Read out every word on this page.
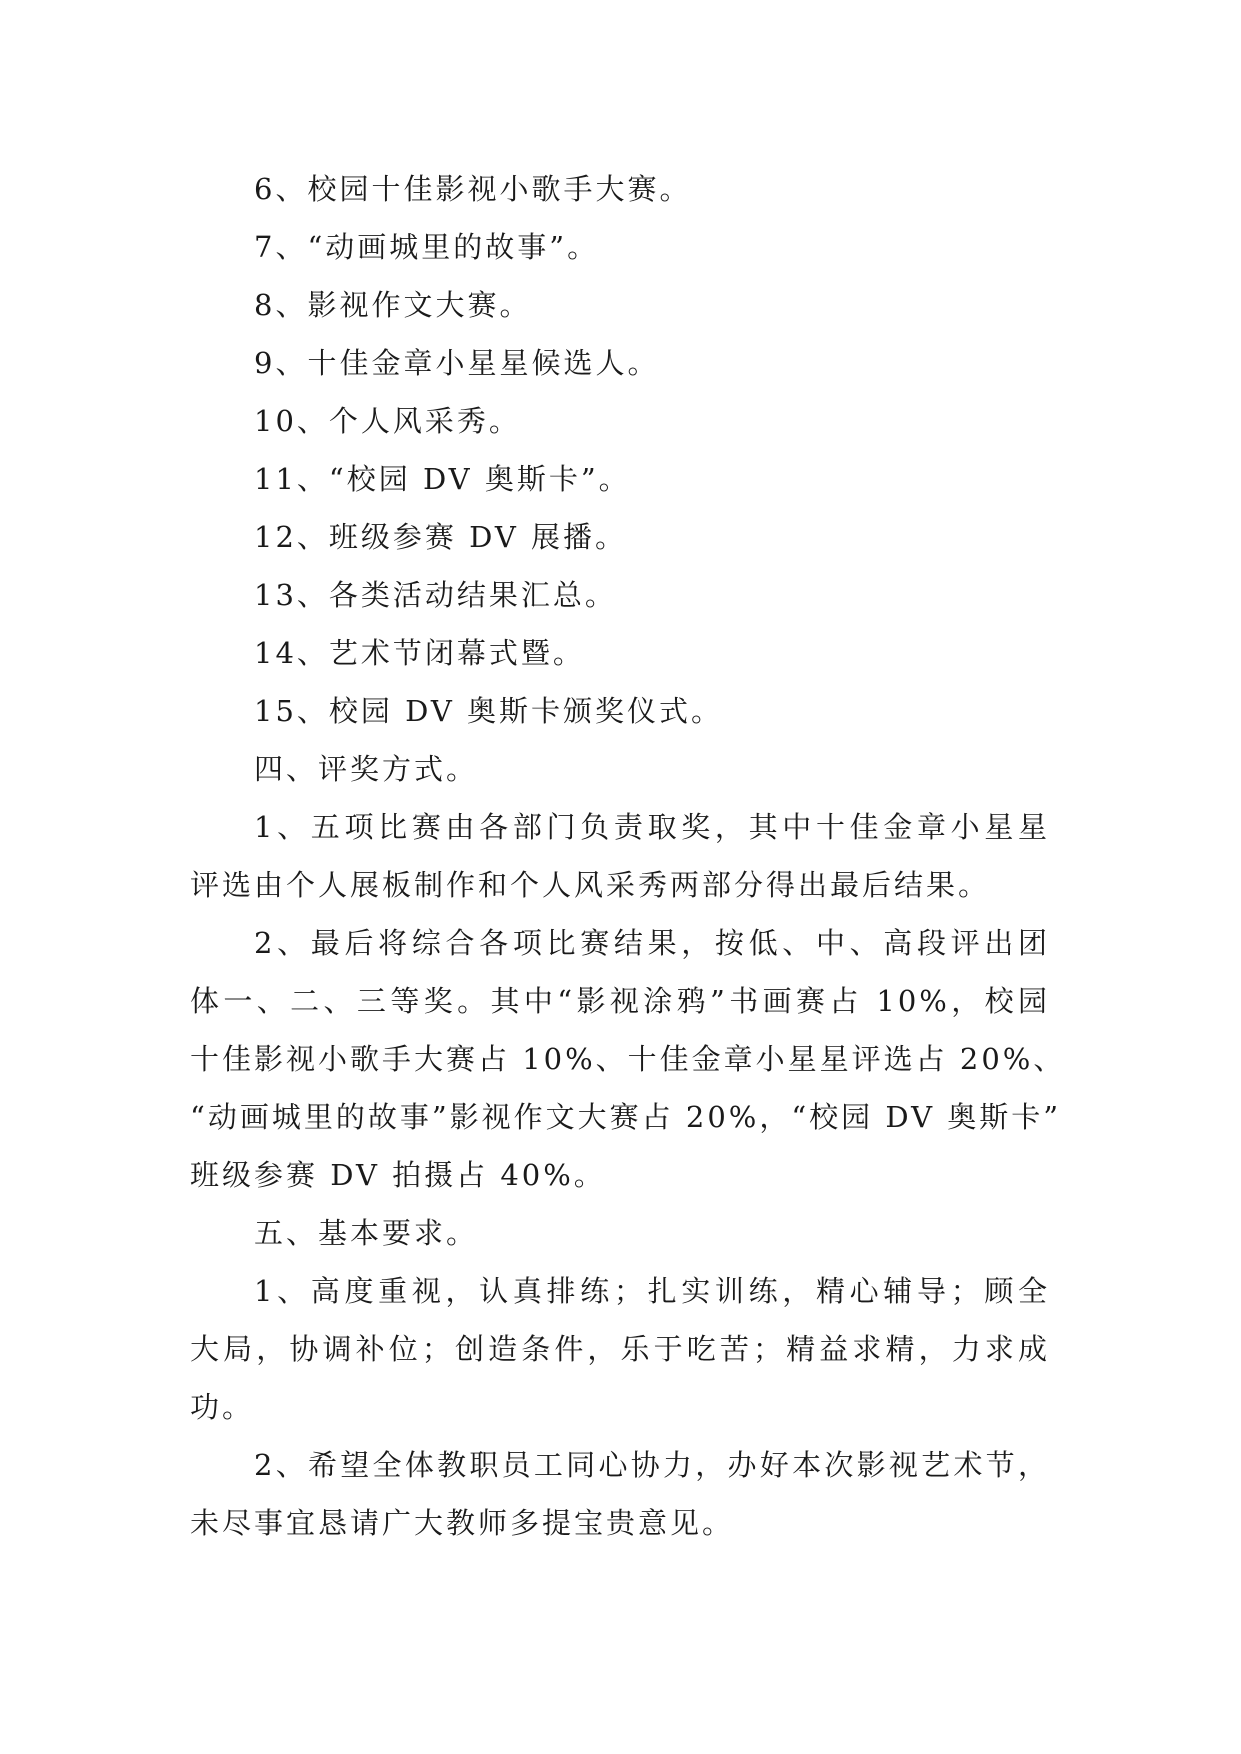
6、校园十佳影视小歌手大赛。
7、“动画城里的故事”。
8、影视作文大赛。
9、十佳金章小星星候选人。
10、个人风采秀。
11、“校园 DV 奥斯卡”。
12、班级参赛 DV 展播。
13、各类活动结果汇总。
14、艺术节闭幕式暨。
15、校园 DV 奥斯卡颁奖仪式。
四、评奖方式。
1、五项比赛由各部门负责取奖，其中十佳金章小星星
评选由个人展板制作和个人风采秀两部分得出最后结果。
2、最后将综合各项比赛结果，按低、中、高段评出团
体一、二、三等奖。其中“影视涂鸦”书画赛占 10%，校园
十佳影视小歌手大赛占 10%、十佳金章小星星评选占 20%、
“动画城里的故事”影视作文大赛占 20%，“校园 DV 奥斯卡”
班级参赛 DV 拍摄占 40%。
五、基本要求。
1、高度重视，认真排练；扎实训练，精心辅导；顾全
大局，协调补位；创造条件，乐于吃苦；精益求精，力求成
功。
2、希望全体教职员工同心协力，办好本次影视艺术节，
未尽事宜恳请广大教师多提宝贵意见。
